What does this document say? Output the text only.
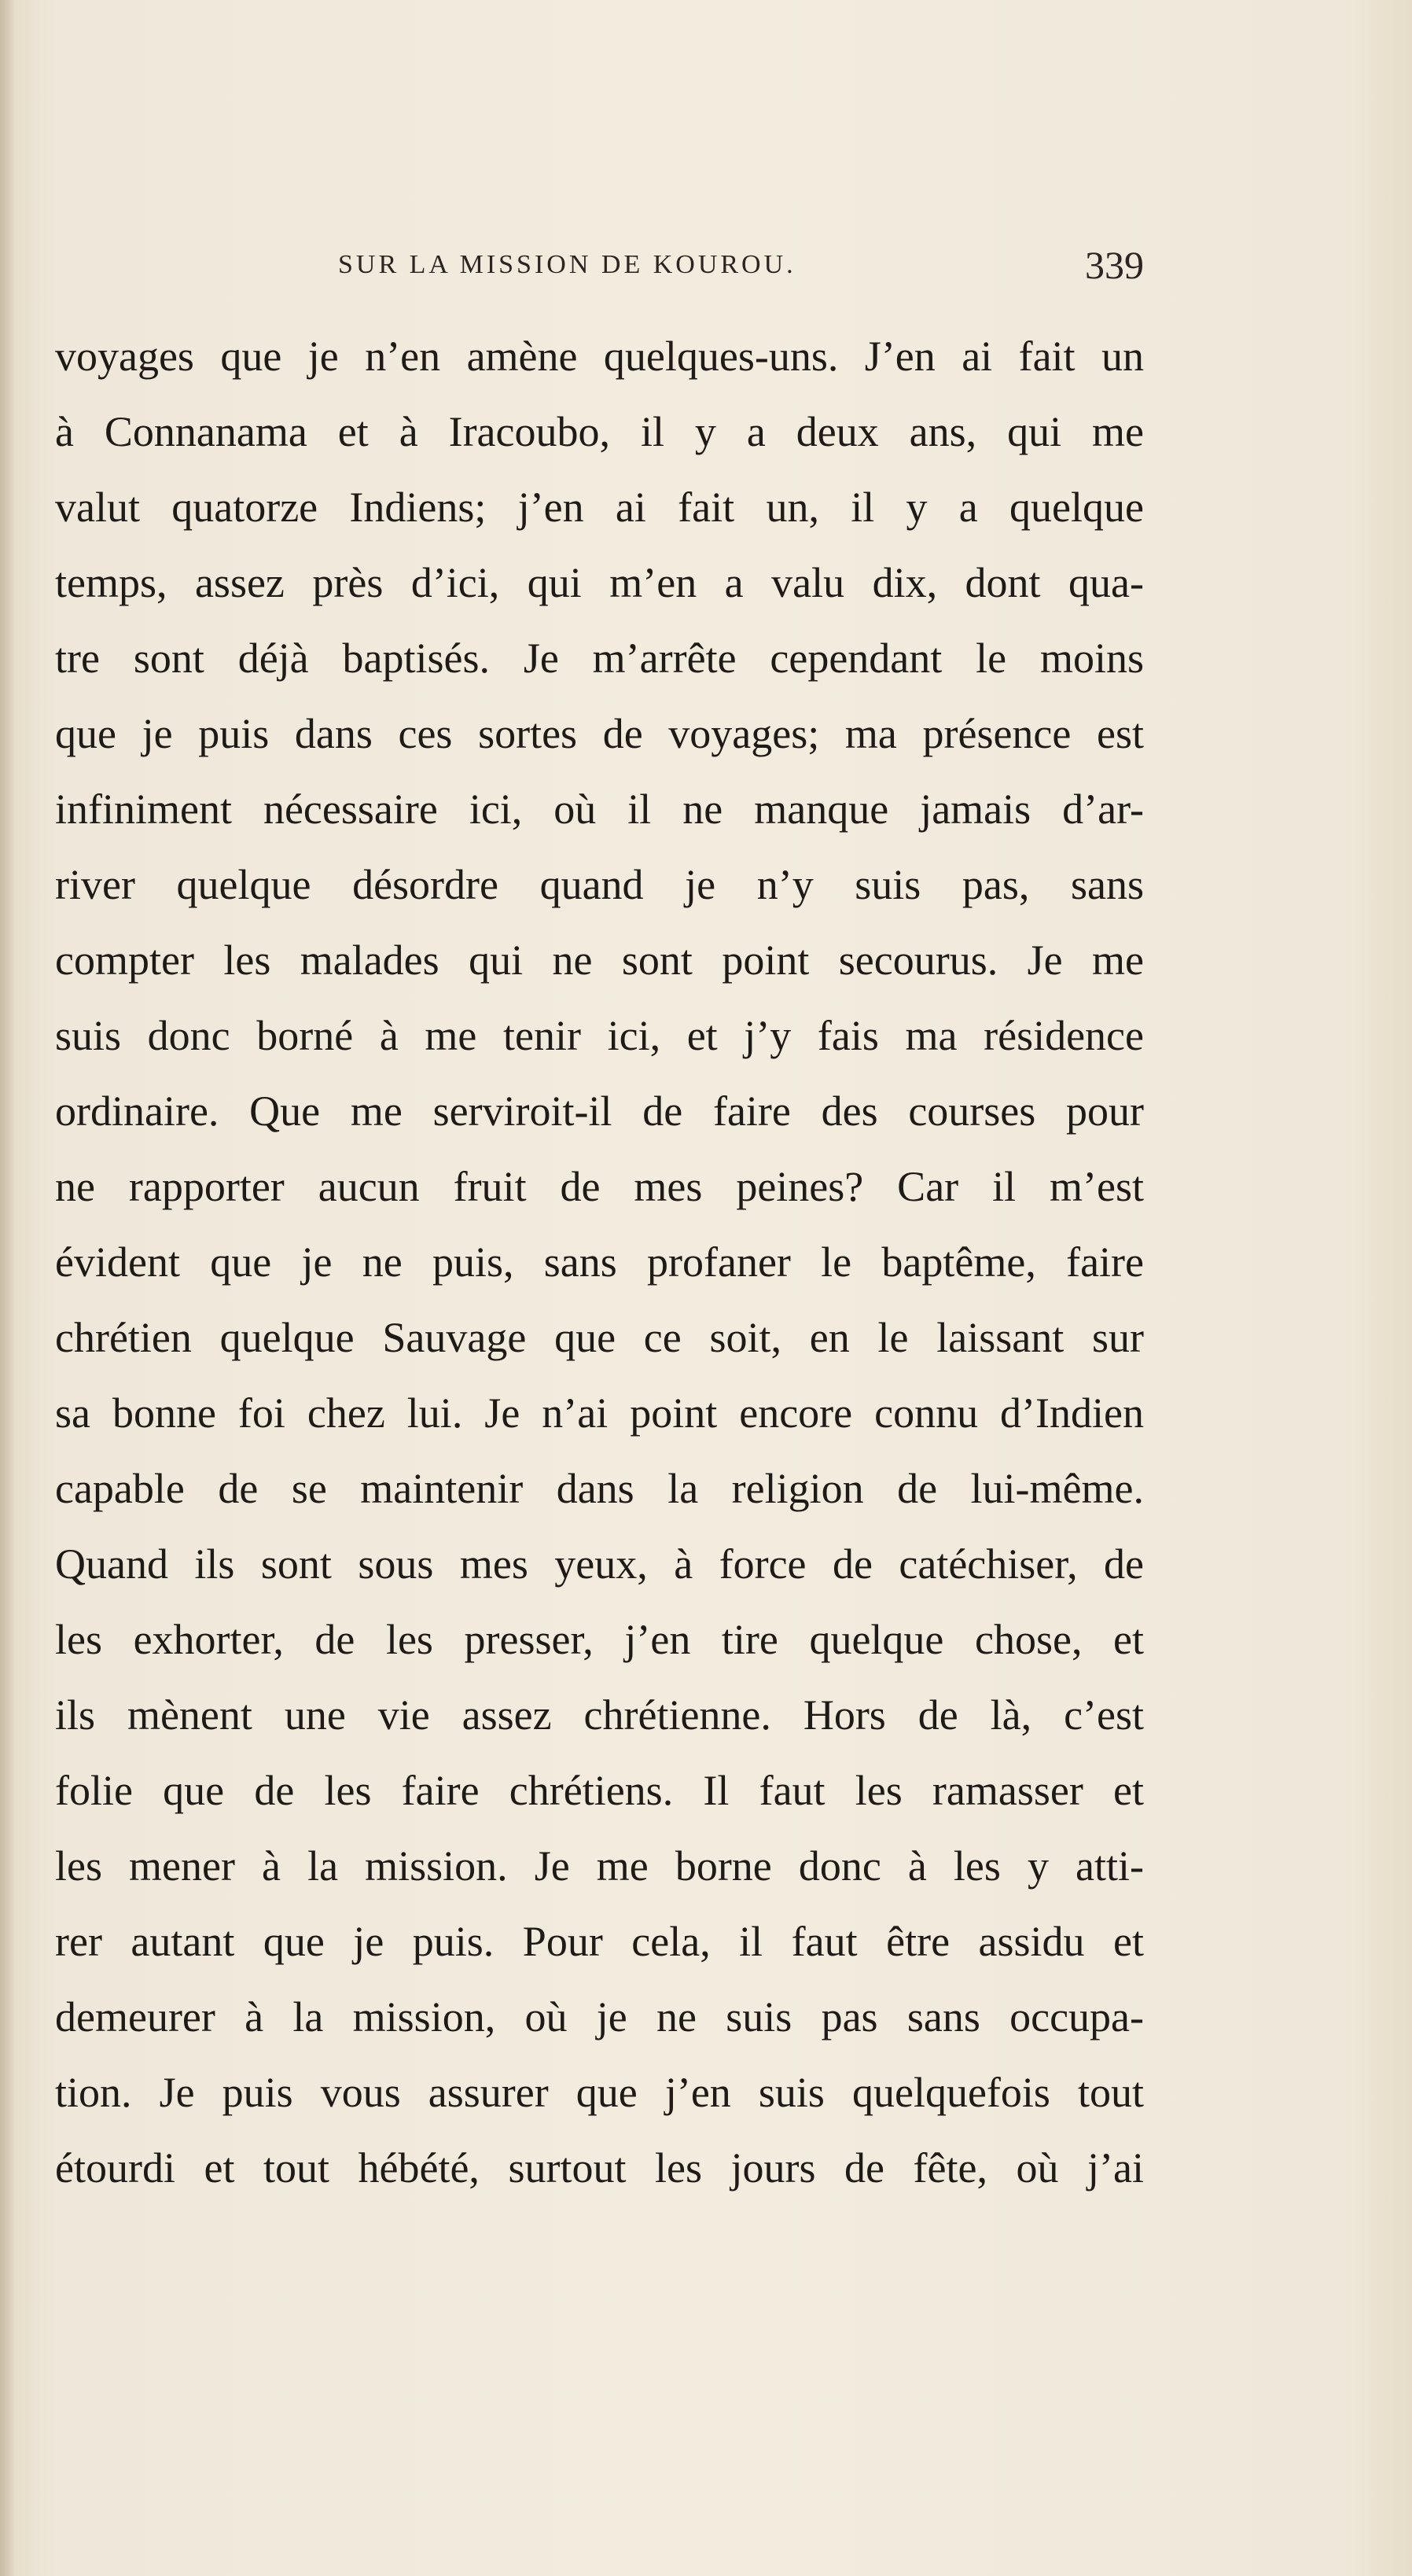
SUR LA MISSION DE KOUROU.	339
voyages que je n’en amène quelques-uns. J’en ai fait un
à Connanama et à Iracoubo, il y a deux ans, qui me
valut quatorze Indiens; j’en ai fait un, il y a quelque
temps, assez près d’ici, qui m’en a valu dix, dont qua-
tre sont déjà baptisés. Je m’arrête cependant le moins
que je puis dans ces sortes de voyages; ma présence est
infiniment nécessaire ici, où il ne manque jamais d’ar-
river quelque désordre quand je n’y suis pas, sans
compter les malades qui ne sont point secourus. Je me
suis donc borné à me tenir ici, et j’y fais ma résidence
ordinaire. Que me serviroit-il de faire des courses pour
ne rapporter aucun fruit de mes peines? Car il m’est
évident que je ne puis, sans profaner le baptême, faire
chrétien quelque Sauvage que ce soit, en le laissant sur
sa bonne foi chez lui. Je n’ai point encore connu d’Indien
capable de se maintenir dans la religion de lui-même.
Quand ils sont sous mes yeux, à force de catéchiser, de
les exhorter, de les presser, j’en tire quelque chose, et
ils mènent une vie assez chrétienne. Hors de là, c’est
folie que de les faire chrétiens. Il faut les ramasser et
les mener à la mission. Je me borne donc à les y atti-
rer autant que je puis. Pour cela, il faut être assidu et
demeurer à la mission, où je ne suis pas sans occupa-
tion. Je puis vous assurer que j’en suis quelquefois tout
étourdi et tout hébété, surtout les jours de fête, où j’ai
